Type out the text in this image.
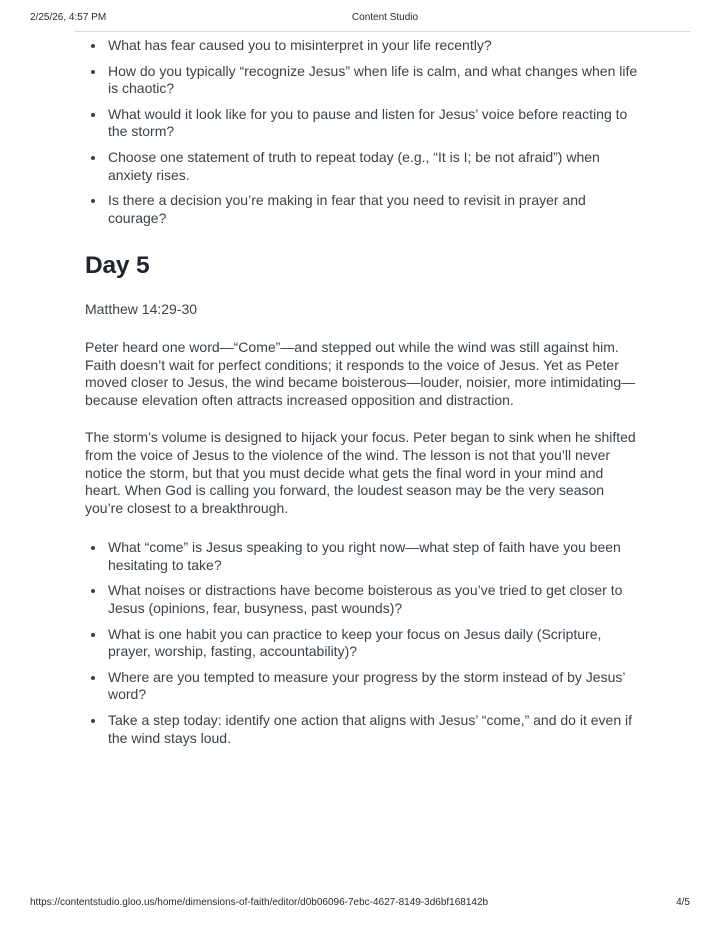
2/25/26, 4:57 PM	Content Studio
• What has fear caused you to misinterpret in your life recently?
• How do you typically “recognize Jesus” when life is calm, and what changes when life is chaotic?
• What would it look like for you to pause and listen for Jesus’ voice before reacting to the storm?
• Choose one statement of truth to repeat today (e.g., “It is I; be not afraid”) when anxiety rises.
• Is there a decision you’re making in fear that you need to revisit in prayer and courage?
Day 5
Matthew 14:29-30

Peter heard one word—“Come”—and stepped out while the wind was still against him. Faith doesn’t wait for perfect conditions; it responds to the voice of Jesus. Yet as Peter moved closer to Jesus, the wind became boisterous—louder, noisier, more intimidating—because elevation often attracts increased opposition and distraction.

The storm’s volume is designed to hijack your focus. Peter began to sink when he shifted from the voice of Jesus to the violence of the wind. The lesson is not that you’ll never notice the storm, but that you must decide what gets the final word in your mind and heart. When God is calling you forward, the loudest season may be the very season you’re closest to a breakthrough.

• What “come” is Jesus speaking to you right now—what step of faith have you been hesitating to take?
• What noises or distractions have become boisterous as you’ve tried to get closer to Jesus (opinions, fear, busyness, past wounds)?
• What is one habit you can practice to keep your focus on Jesus daily (Scripture, prayer, worship, fasting, accountability)?
• Where are you tempted to measure your progress by the storm instead of by Jesus’ word?
• Take a step today: identify one action that aligns with Jesus’ “come,” and do it even if the wind stays loud.
https://contentstudio.gloo.us/home/dimensions-of-faith/editor/d0b06096-7ebc-4627-8149-3d6bf168142b	4/5
